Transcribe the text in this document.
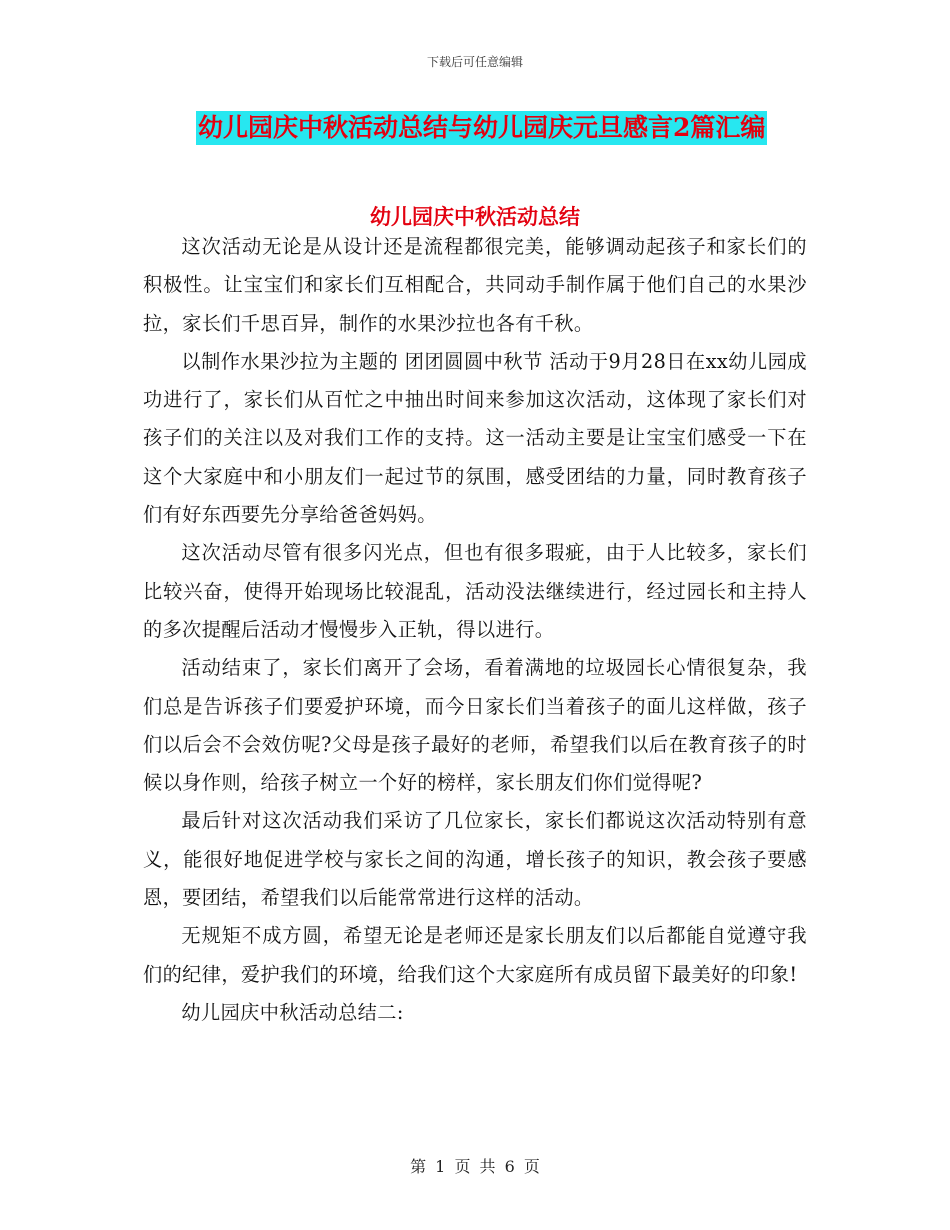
下载后可任意编辑
幼儿园庆中秋活动总结与幼儿园庆元旦感言2篇汇编
幼儿园庆中秋活动总结

这次活动无论是从设计还是流程都很完美，能够调动起孩子和家长们的积极性。让宝宝们和家长们互相配合，共同动手制作属于他们自己的水果沙拉，家长们千思百异，制作的水果沙拉也各有千秋。

以制作水果沙拉为主题的 团团圆圆中秋节 活动于9月28日在xx幼儿园成功进行了，家长们从百忙之中抽出时间来参加这次活动，这体现了家长们对孩子们的关注以及对我们工作的支持。这一活动主要是让宝宝们感受一下在这个大家庭中和小朋友们一起过节的氛围，感受团结的力量，同时教育孩子们有好东西要先分享给爸爸妈妈。

这次活动尽管有很多闪光点，但也有很多瑕疵，由于人比较多，家长们比较兴奋，使得开始现场比较混乱，活动没法继续进行，经过园长和主持人的多次提醒后活动才慢慢步入正轨，得以进行。

活动结束了，家长们离开了会场，看着满地的垃圾园长心情很复杂，我们总是告诉孩子们要爱护环境，而今日家长们当着孩子的面儿这样做，孩子们以后会不会效仿呢?父母是孩子最好的老师，希望我们以后在教育孩子的时候以身作则，给孩子树立一个好的榜样，家长朋友们你们觉得呢?

最后针对这次活动我们采访了几位家长，家长们都说这次活动特别有意义，能很好地促进学校与家长之间的沟通，增长孩子的知识，教会孩子要感恩，要团结，希望我们以后能常常进行这样的活动。

无规矩不成方圆，希望无论是老师还是家长朋友们以后都能自觉遵守我们的纪律，爱护我们的环境，给我们这个大家庭所有成员留下最美好的印象!

幼儿园庆中秋活动总结二:

第 1 页 共 6 页
